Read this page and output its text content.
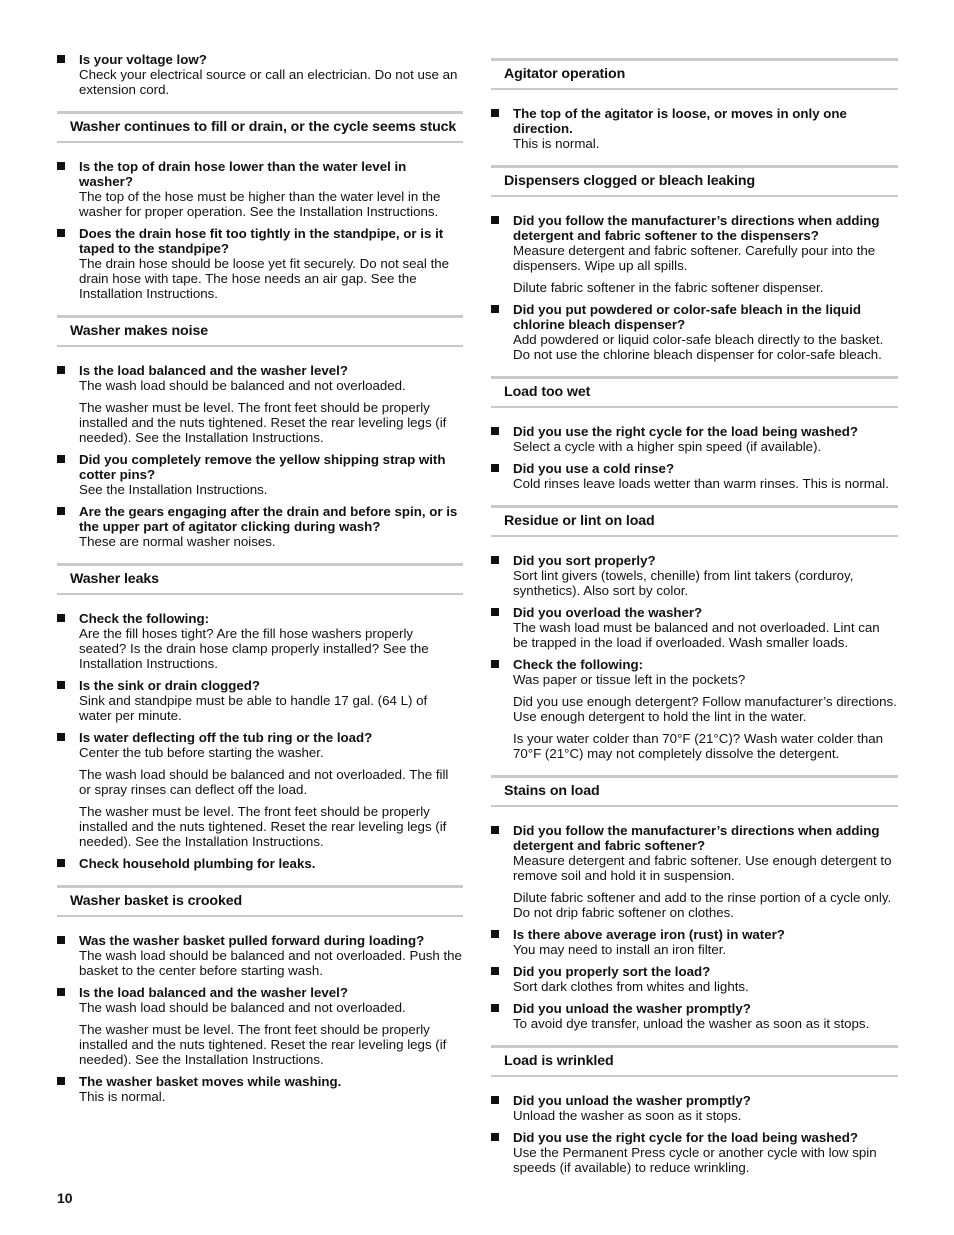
Is your voltage low?
Check your electrical source or call an electrician. Do not use an extension cord.
Washer continues to fill or drain, or the cycle seems stuck
Is the top of drain hose lower than the water level in washer?
The top of the hose must be higher than the water level in the washer for proper operation. See the Installation Instructions.
Does the drain hose fit too tightly in the standpipe, or is it taped to the standpipe?
The drain hose should be loose yet fit securely. Do not seal the drain hose with tape. The hose needs an air gap. See the Installation Instructions.
Washer makes noise
Is the load balanced and the washer level?
The wash load should be balanced and not overloaded.
The washer must be level. The front feet should be properly installed and the nuts tightened. Reset the rear leveling legs (if needed). See the Installation Instructions.
Did you completely remove the yellow shipping strap with cotter pins?
See the Installation Instructions.
Are the gears engaging after the drain and before spin, or is the upper part of agitator clicking during wash?
These are normal washer noises.
Washer leaks
Check the following:
Are the fill hoses tight? Are the fill hose washers properly seated? Is the drain hose clamp properly installed? See the Installation Instructions.
Is the sink or drain clogged?
Sink and standpipe must be able to handle 17 gal. (64 L) of water per minute.
Is water deflecting off the tub ring or the load?
Center the tub before starting the washer.
The wash load should be balanced and not overloaded. The fill or spray rinses can deflect off the load.
The washer must be level. The front feet should be properly installed and the nuts tightened. Reset the rear leveling legs (if needed). See the Installation Instructions.
Check household plumbing for leaks.
Washer basket is crooked
Was the washer basket pulled forward during loading?
The wash load should be balanced and not overloaded. Push the basket to the center before starting wash.
Is the load balanced and the washer level?
The wash load should be balanced and not overloaded.
The washer must be level. The front feet should be properly installed and the nuts tightened. Reset the rear leveling legs (if needed). See the Installation Instructions.
The washer basket moves while washing.
This is normal.
Agitator operation
The top of the agitator is loose, or moves in only one direction.
This is normal.
Dispensers clogged or bleach leaking
Did you follow the manufacturer’s directions when adding detergent and fabric softener to the dispensers?
Measure detergent and fabric softener. Carefully pour into the dispensers. Wipe up all spills.
Dilute fabric softener in the fabric softener dispenser.
Did you put powdered or color-safe bleach in the liquid chlorine bleach dispenser?
Add powdered or liquid color-safe bleach directly to the basket. Do not use the chlorine bleach dispenser for color-safe bleach.
Load too wet
Did you use the right cycle for the load being washed?
Select a cycle with a higher spin speed (if available).
Did you use a cold rinse?
Cold rinses leave loads wetter than warm rinses. This is normal.
Residue or lint on load
Did you sort properly?
Sort lint givers (towels, chenille) from lint takers (corduroy, synthetics). Also sort by color.
Did you overload the washer?
The wash load must be balanced and not overloaded. Lint can be trapped in the load if overloaded. Wash smaller loads.
Check the following:
Was paper or tissue left in the pockets?
Did you use enough detergent? Follow manufacturer’s directions. Use enough detergent to hold the lint in the water.
Is your water colder than 70°F (21°C)? Wash water colder than 70°F (21°C) may not completely dissolve the detergent.
Stains on load
Did you follow the manufacturer’s directions when adding detergent and fabric softener?
Measure detergent and fabric softener. Use enough detergent to remove soil and hold it in suspension.
Dilute fabric softener and add to the rinse portion of a cycle only. Do not drip fabric softener on clothes.
Is there above average iron (rust) in water?
You may need to install an iron filter.
Did you properly sort the load?
Sort dark clothes from whites and lights.
Did you unload the washer promptly?
To avoid dye transfer, unload the washer as soon as it stops.
Load is wrinkled
Did you unload the washer promptly?
Unload the washer as soon as it stops.
Did you use the right cycle for the load being washed?
Use the Permanent Press cycle or another cycle with low spin speeds (if available) to reduce wrinkling.
10
